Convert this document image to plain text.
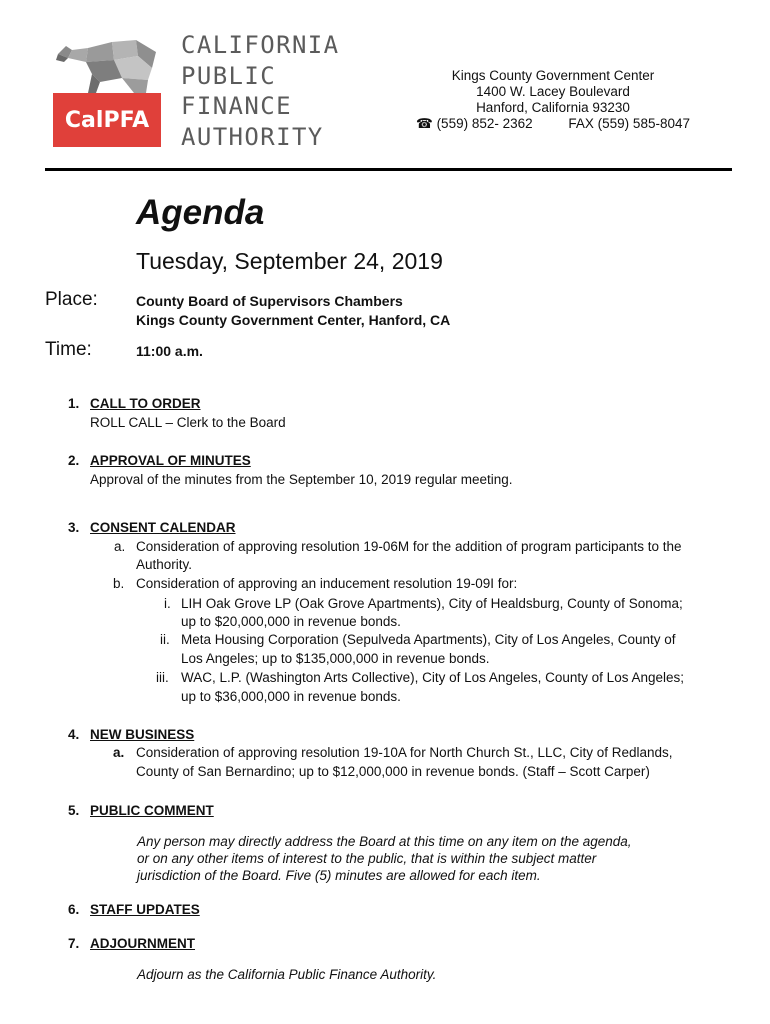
CalPFA
CALIFORNIA
PUBLIC
FINANCE
AUTHORITY
Kings County Government Center
1400 W. Lacey Boulevard
Hanford, California 93230
☎ (559) 852- 2362	FAX (559) 585-8047
Agenda
Tuesday, September 24, 2019
Place:	County Board of Supervisors Chambers
Kings County Government Center, Hanford, CA
Time:	11:00 a.m.
1. CALL TO ORDER
ROLL CALL – Clerk to the Board
2. APPROVAL OF MINUTES
Approval of the minutes from the September 10, 2019 regular meeting.
3. CONSENT CALENDAR
a. Consideration of approving resolution 19-06M for the addition of program participants to the
Authority.
b. Consideration of approving an inducement resolution 19-09I for:
i. LIH Oak Grove LP (Oak Grove Apartments), City of Healdsburg, County of Sonoma;
up to $20,000,000 in revenue bonds.
ii. Meta Housing Corporation (Sepulveda Apartments), City of Los Angeles, County of
Los Angeles; up to $135,000,000 in revenue bonds.
iii. WAC, L.P. (Washington Arts Collective), City of Los Angeles, County of Los Angeles;
up to $36,000,000 in revenue bonds.
4. NEW BUSINESS
a. Consideration of approving resolution 19-10A for North Church St., LLC, City of Redlands,
County of San Bernardino; up to $12,000,000 in revenue bonds. (Staff – Scott Carper)
5. PUBLIC COMMENT
Any person may directly address the Board at this time on any item on the agenda,
or on any other items of interest to the public, that is within the subject matter
jurisdiction of the Board. Five (5) minutes are allowed for each item.
6. STAFF UPDATES
7. ADJOURNMENT
Adjourn as the California Public Finance Authority.
